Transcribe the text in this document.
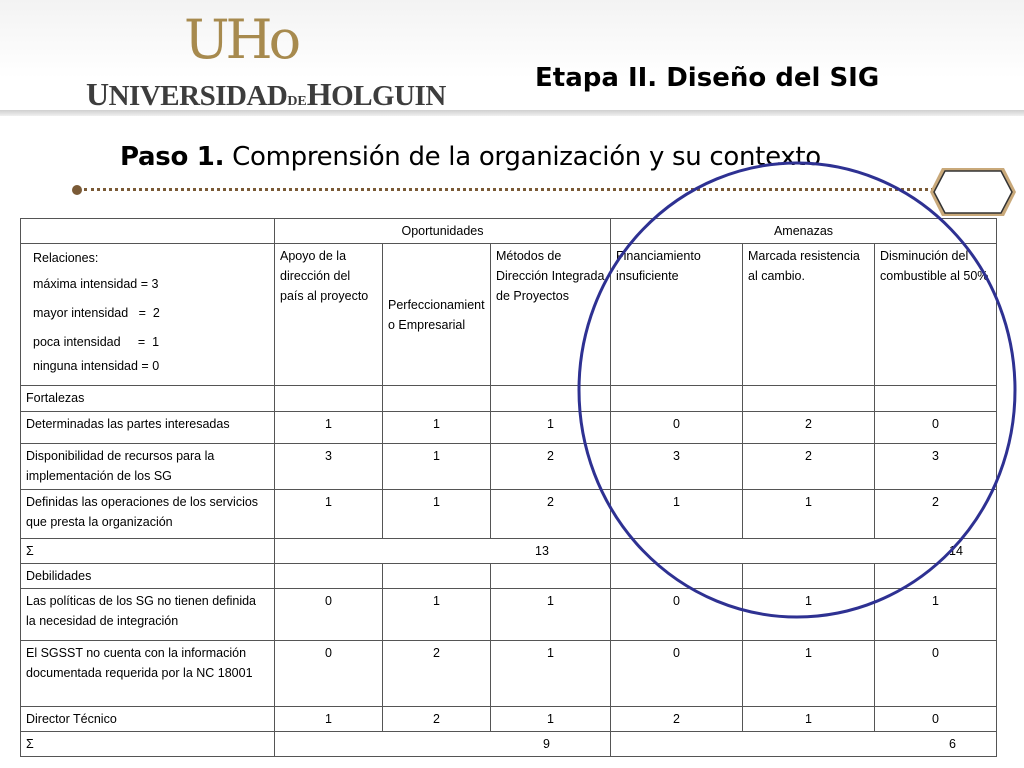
UHo
UNIVERSIDADDEHOLGUIN
Etapa II. Diseño del SIG
Paso 1. Comprensión de la organización y su contexto
	Oportunidades			Amenazas		

Relaciones:
máxima intensidad = 3
mayor intensidad   =  2
poca intensidad     =  1
ninguna intensidad = 0	Apoyo de la dirección del país al proyecto	Perfeccionamiento Empresarial	Métodos de Dirección Integrada de Proyectos	Financiamiento insuficiente	Marcada resistencia al cambio.	Disminución del combustible al 50%
Fortalezas						
Determinadas las partes interesadas	1	1	1	0	2	0
Disponibilidad de recursos para la implementación de los SG	3	1	2	3	2	3
Definidas las operaciones de los servicios que presta la organización	1	1	2	1	1	2
Σ	13			14		
Debilidades						
Las políticas de los SG no tienen definida la necesidad de integración	0	1	1	0	1	1
El SGSST no cuenta con la información documentada requerida por la NC 18001	0	2	1	0	1	0
Director Técnico	1	2	1	2	1	0
Σ	9			6		
